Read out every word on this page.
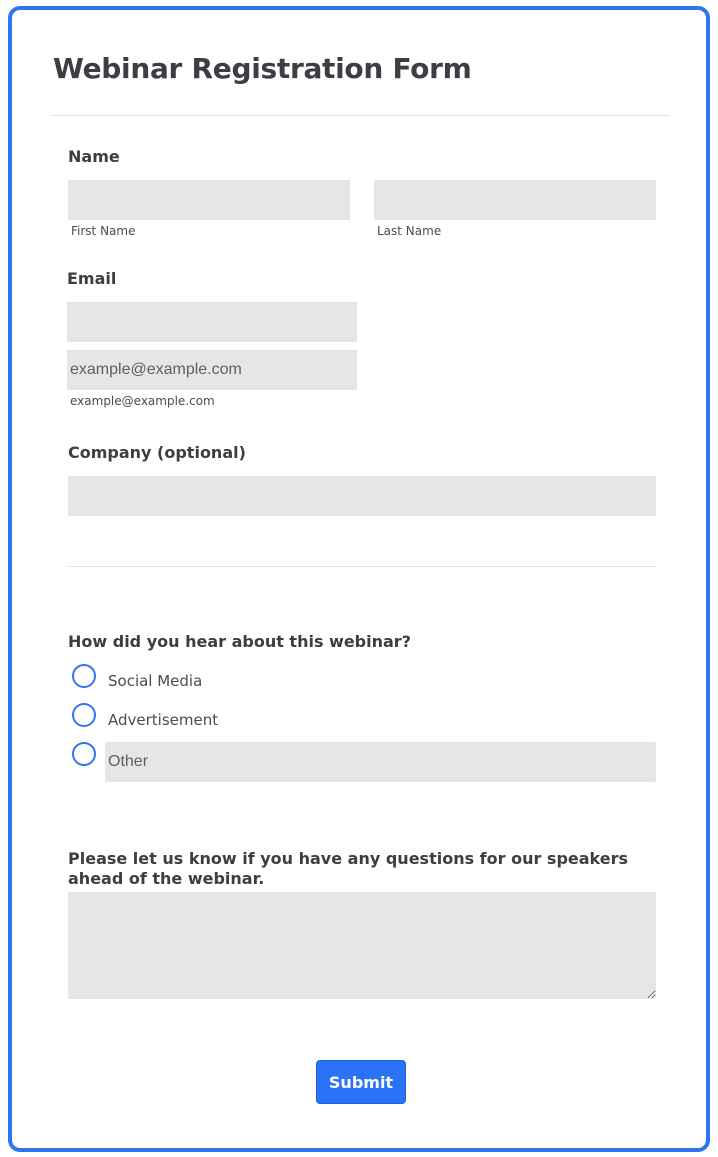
Webinar Registration Form
Name
First Name	Last Name
Email
example@example.com
example@example.com
Company (optional)
How did you hear about this webinar?
Social Media
Advertisement
Other
Please let us know if you have any questions for our speakers ahead of the webinar.
Submit
